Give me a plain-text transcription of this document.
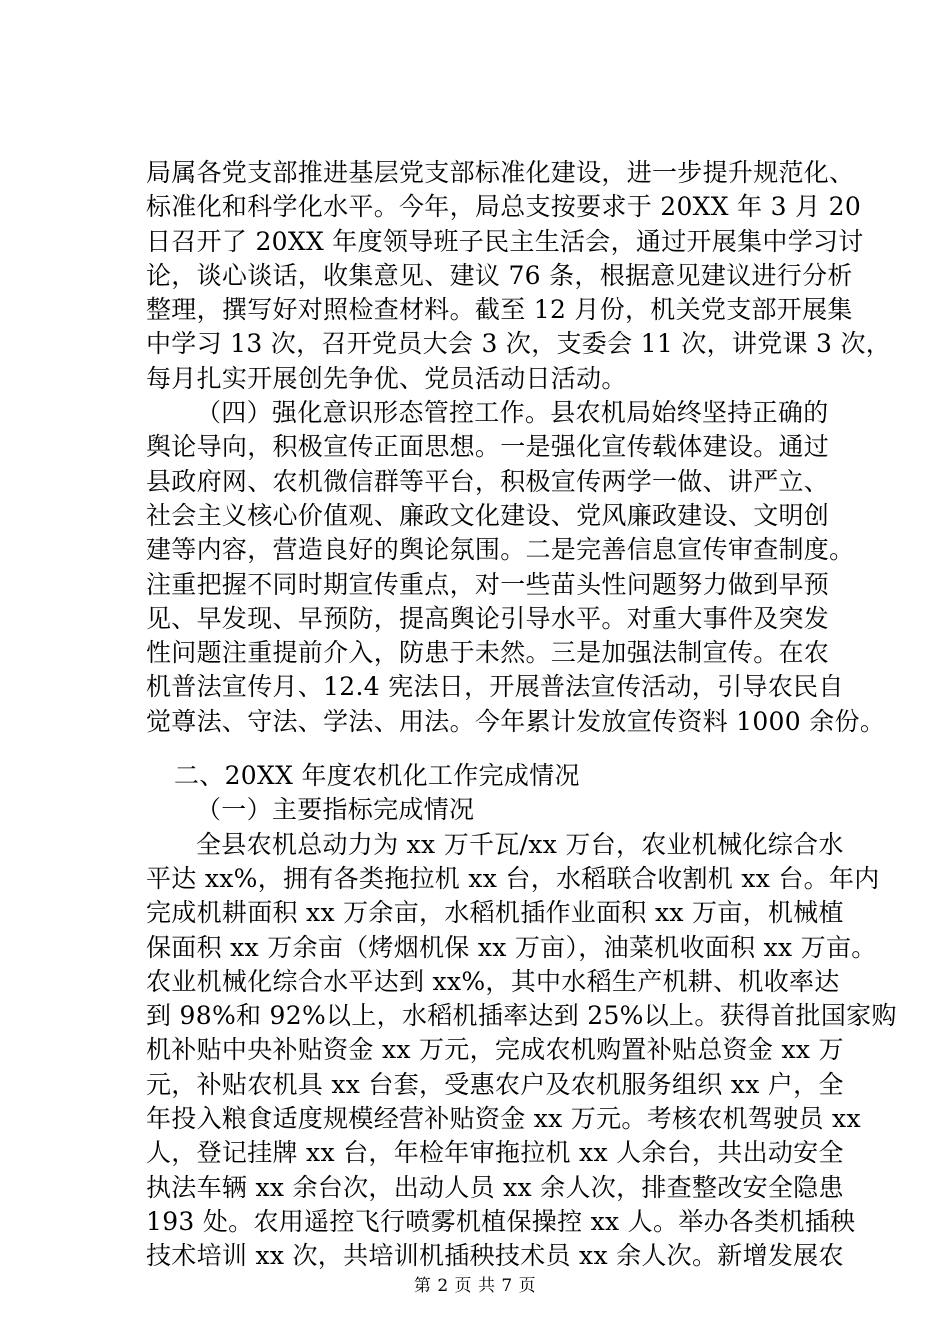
局属各党支部推进基层党支部标准化建设，进一步提升规范化、
标准化和科学化水平。今年，局总支按要求于 20XX 年 3 月 20
日召开了 20XX 年度领导班子民主生活会，通过开展集中学习讨
论，谈心谈话，收集意见、建议 76 条，根据意见建议进行分析
整理，撰写好对照检查材料。截至 12 月份，机关党支部开展集
中学习 13 次，召开党员大会 3 次，支委会 11 次，讲党课 3 次，
每月扎实开展创先争优、党员活动日活动。
（四）强化意识形态管控工作。县农机局始终坚持正确的
舆论导向，积极宣传正面思想。一是强化宣传载体建设。通过
县政府网、农机微信群等平台，积极宣传两学一做、讲严立、
社会主义核心价值观、廉政文化建设、党风廉政建设、文明创
建等内容，营造良好的舆论氛围。二是完善信息宣传审查制度。
注重把握不同时期宣传重点，对一些苗头性问题努力做到早预
见、早发现、早预防，提高舆论引导水平。对重大事件及突发
性问题注重提前介入，防患于未然。三是加强法制宣传。在农
机普法宣传月、12.4 宪法日，开展普法宣传活动，引导农民自
觉尊法、守法、学法、用法。今年累计发放宣传资料 1000 余份。
二、20XX 年度农机化工作完成情况
（一）主要指标完成情况
全县农机总动力为 xx 万千瓦/xx 万台，农业机械化综合水
平达 xx%，拥有各类拖拉机 xx 台，水稻联合收割机 xx 台。年内
完成机耕面积 xx 万余亩，水稻机插作业面积 xx 万亩，机械植
保面积 xx 万余亩（烤烟机保 xx 万亩），油菜机收面积 xx 万亩。
农业机械化综合水平达到 xx%，其中水稻生产机耕、机收率达
到 98%和 92%以上，水稻机插率达到 25%以上。获得首批国家购
机补贴中央补贴资金 xx 万元，完成农机购置补贴总资金 xx 万
元，补贴农机具 xx 台套，受惠农户及农机服务组织 xx 户，全
年投入粮食适度规模经营补贴资金 xx 万元。考核农机驾驶员 xx
人，登记挂牌 xx 台，年检年审拖拉机 xx 人余台，共出动安全
执法车辆 xx 余台次，出动人员 xx 余人次，排查整改安全隐患
193 处。农用遥控飞行喷雾机植保操控 xx 人。举办各类机插秧
技术培训 xx 次，共培训机插秧技术员 xx 余人次。新增发展农
第 2 页 共 7 页
